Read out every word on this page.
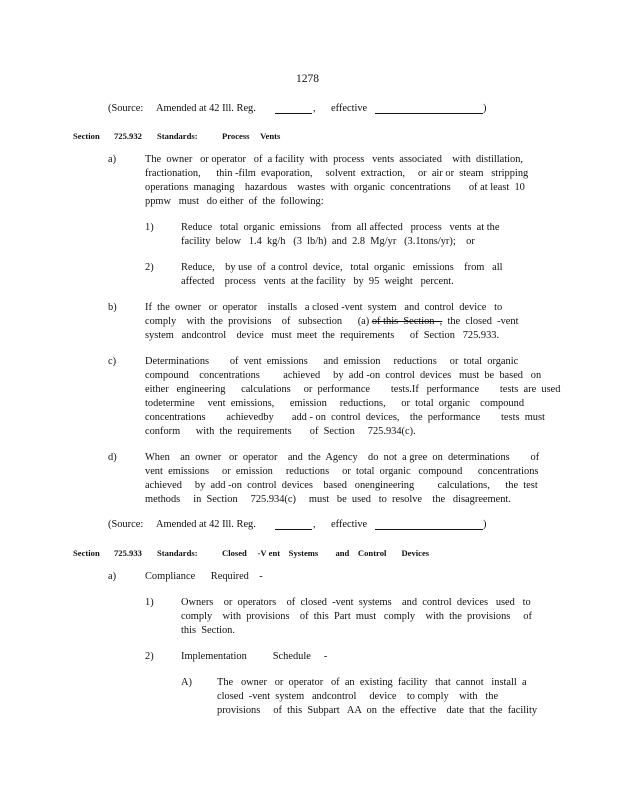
1278
(Source: Amended at 42 Ill. Reg.	, effective	)
Section 725.932 Standards:	Process     Vents
a)	The  owner   or operator   of  a facility  with  process   vents  associated    with  distillation,
fractionation,      thin -film  evaporation,     solvent  extraction,     or  air or  steam   stripping
operations  managing    hazardous    wastes  with  organic  concentrations       of at least  10
ppmw   must   do either  of  the  following:
1)	Reduce   total  organic  emissions    from  all affected   process   vents  at the
facility  below   1.4  kg/h   (3  lb/h)  and  2.8  Mg/yr   (3.1tons/yr);    or
2)	Reduce,    by use  of  a control  device,   total  organic   emissions    from   all
affected    process   vents  at the facility   by  95  weight   percent.
b)	If  the  owner   or  operator    installs   a closed -vent  system   and  control  device   to
comply    with  the  provisions    of   subsection      (a) of this  Section  ,  the  closed  -vent
system   andcontrol    device   must  meet  the  requirements      of  Section   725.933.
c)	Determinations        of  vent  emissions      and  emission     reductions     or  total  organic
compound    concentrations         achieved     by  add -on  control  devices   must  be  based   on
either   engineering      calculations     or  performance        tests.If   performance        tests  are  used
todetermine     vent  emissions,      emission     reductions,      or  total  organic    compound
concentrations        achievedby       add - on  control  devices,    the  performance        tests  must
conform      with  the  requirements       of  Section     725.934(c).
d)	When    an  owner   or  operator    and  the  Agency    do  not  a gree  on  determinations        of
vent  emissions     or  emission     reductions     or  total  organic   compound      concentrations
achieved     by  add -on  control  devices    based   onengineering         calculations,      the  test
methods     in  Section     725.934(c)     must   be  used   to  resolve    the   disagreement.
(Source: Amended at 42 Ill. Reg.	, effective	)
Section 725.933 Standards:	Closed     -V ent    Systems        and    Control       Devices
a)	Compliance      Required    -
1)	Owners    or  operators    of  closed  -vent  systems    and  control  devices   used   to
comply    with  provisions    of  this  Part  must   comply    with  the  provisions     of
this  Section.
2)	Implementation          Schedule     -
A) The   owner   or  operator   of  an  existing  facility   that  cannot   install  a
closed  -vent  system   andcontrol     device    to comply    with   the
provisions     of  this  Subpart   AA  on  the  effective    date  that  the  facility
